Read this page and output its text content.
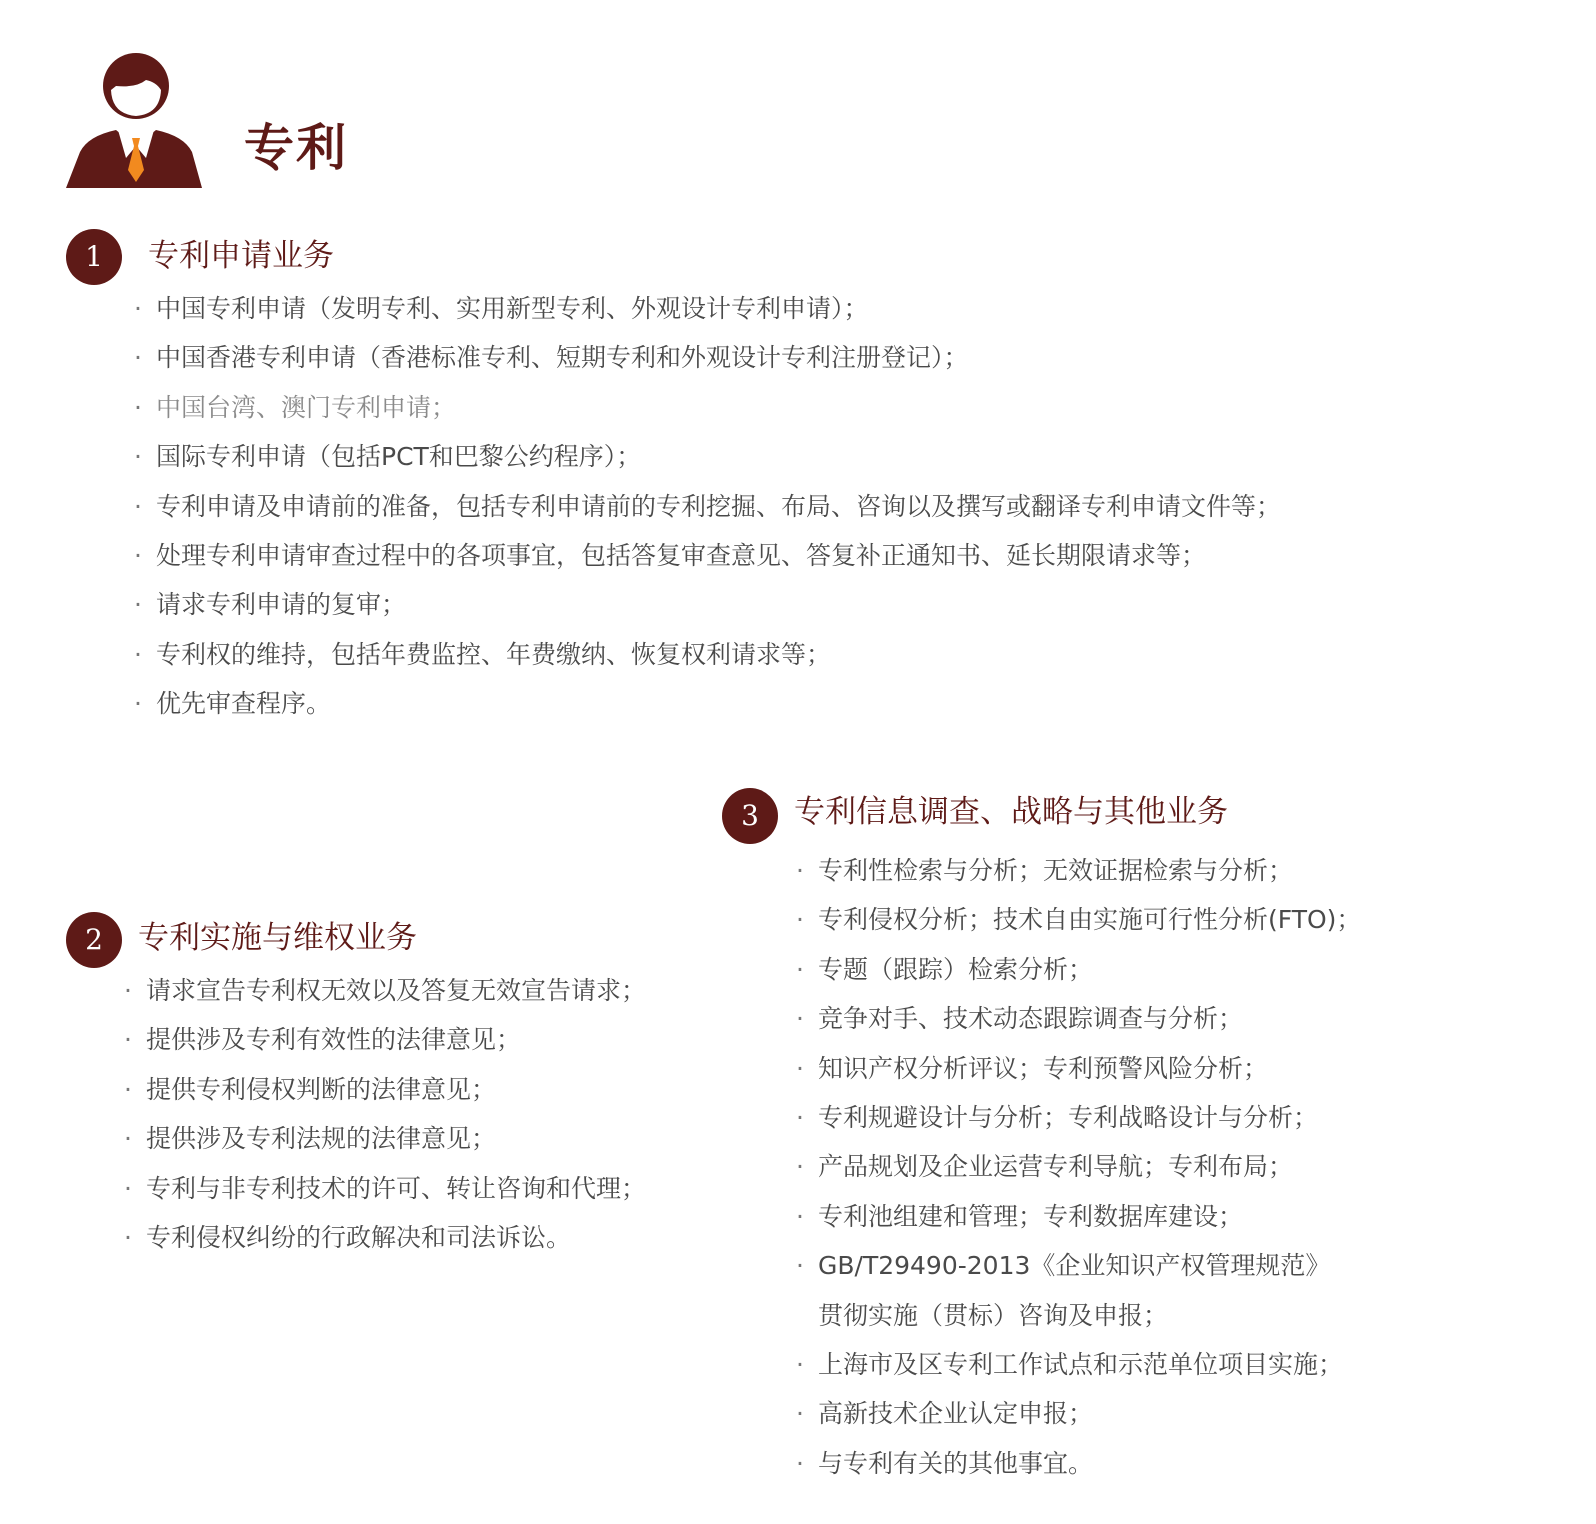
专利
1	专利申请业务
· 中国专利申请（发明专利、实用新型专利、外观设计专利申请）；
· 中国香港专利申请（香港标准专利、短期专利和外观设计专利注册登记）；
· 中国台湾、澳门专利申请；
· 国际专利申请（包括PCT和巴黎公约程序）；
· 专利申请及申请前的准备，包括专利申请前的专利挖掘、布局、咨询以及撰写或翻译专利申请文件等；
· 处理专利申请审查过程中的各项事宜，包括答复审查意见、答复补正通知书、延长期限请求等；
· 请求专利申请的复审；
· 专利权的维持，包括年费监控、年费缴纳、恢复权利请求等；
· 优先审查程序。
2	专利实施与维权业务
· 请求宣告专利权无效以及答复无效宣告请求；
· 提供涉及专利有效性的法律意见；
· 提供专利侵权判断的法律意见；
· 提供涉及专利法规的法律意见；
· 专利与非专利技术的许可、转让咨询和代理；
· 专利侵权纠纷的行政解决和司法诉讼。
3	专利信息调查、战略与其他业务
· 专利性检索与分析；无效证据检索与分析；
· 专利侵权分析；技术自由实施可行性分析(FTO)；
· 专题（跟踪）检索分析；
· 竞争对手、技术动态跟踪调查与分析；
· 知识产权分析评议；专利预警风险分析；
· 专利规避设计与分析；专利战略设计与分析；
· 产品规划及企业运营专利导航；专利布局；
· 专利池组建和管理；专利数据库建设；
· GB/T29490-2013《企业知识产权管理规范》
贯彻实施（贯标）咨询及申报；
· 上海市及区专利工作试点和示范单位项目实施；
· 高新技术企业认定申报；
· 与专利有关的其他事宜。
